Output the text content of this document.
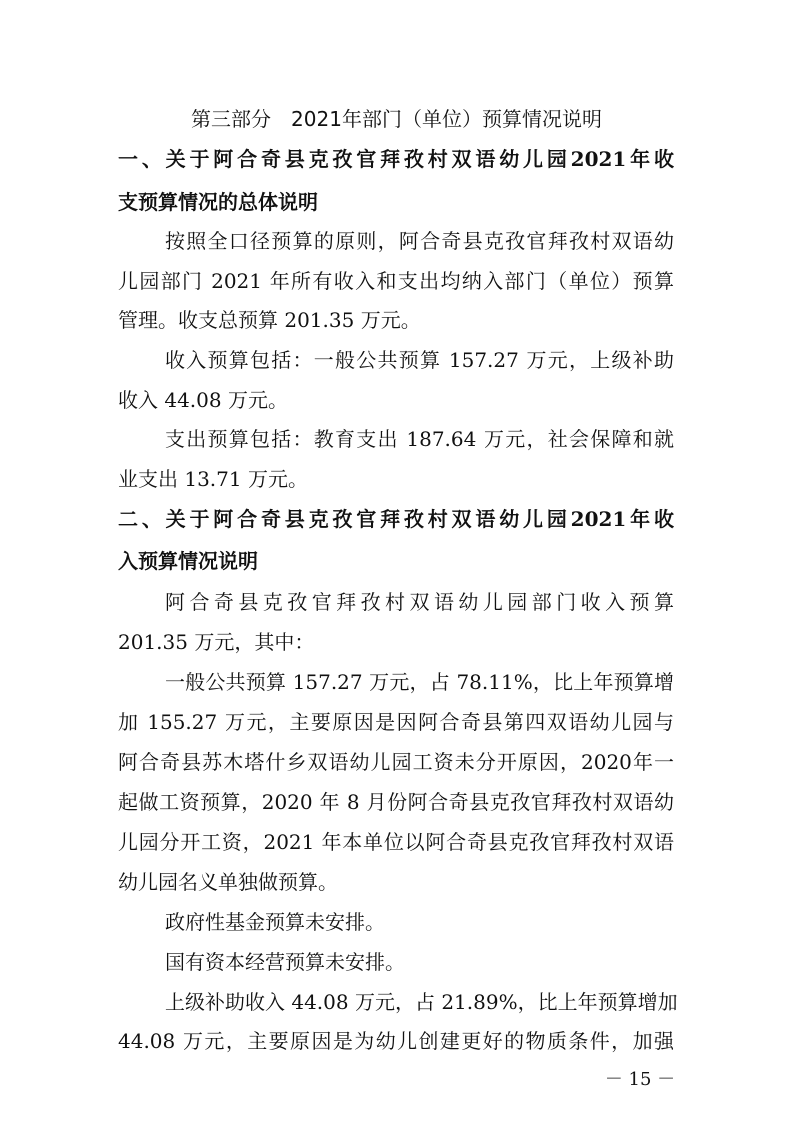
第三部分　2021年部门（单位）预算情况说明
一、关于阿合奇县克孜官拜孜村双语幼儿园2021年收
支预算情况的总体说明
按照全口径预算的原则，阿合奇县克孜官拜孜村双语幼
儿园部门 2021 年所有收入和支出均纳入部门（单位）预算
管理。收支总预算 201.35 万元。
收入预算包括：一般公共预算 157.27 万元，上级补助
收入 44.08 万元。
支出预算包括：教育支出 187.64 万元，社会保障和就
业支出 13.71 万元。
二、关于阿合奇县克孜官拜孜村双语幼儿园2021年收
入预算情况说明
阿合奇县克孜官拜孜村双语幼儿园部门收入预算
201.35 万元，其中：
一般公共预算 157.27 万元，占 78.11%，比上年预算增
加 155.27 万元，主要原因是因阿合奇县第四双语幼儿园与
阿合奇县苏木塔什乡双语幼儿园工资未分开原因，2020年一
起做工资预算，2020 年 8 月份阿合奇县克孜官拜孜村双语幼
儿园分开工资，2021 年本单位以阿合奇县克孜官拜孜村双语
幼儿园名义单独做预算。
政府性基金预算未安排。
国有资本经营预算未安排。
上级补助收入 44.08 万元，占 21.89%，比上年预算增加
44.08 万元，主要原因是为幼儿创建更好的物质条件，加强
－ 15 －
